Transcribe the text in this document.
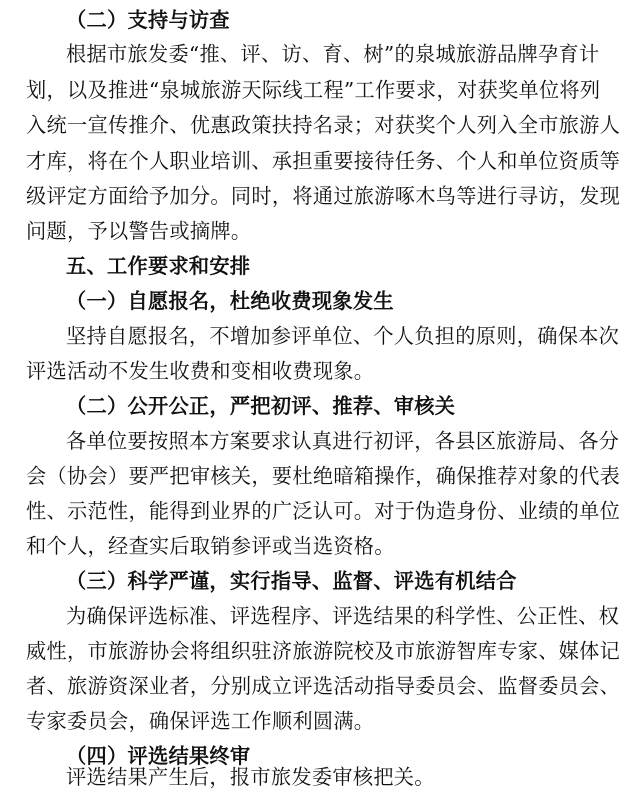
（二）支持与访查
根据市旅发委“推、评、访、育、树”的泉城旅游品牌孕育计
划，以及推进“泉城旅游天际线工程”工作要求，对获奖单位将列
入统一宣传推介、优惠政策扶持名录；对获奖个人列入全市旅游人
才库，将在个人职业培训、承担重要接待任务、个人和单位资质等
级评定方面给予加分。同时，将通过旅游啄木鸟等进行寻访，发现
问题，予以警告或摘牌。
五、工作要求和安排
（一）自愿报名，杜绝收费现象发生
坚持自愿报名，不增加参评单位、个人负担的原则，确保本次
评选活动不发生收费和变相收费现象。
（二）公开公正，严把初评、推荐、审核关
各单位要按照本方案要求认真进行初评，各县区旅游局、各分
会（协会）要严把审核关，要杜绝暗箱操作，确保推荐对象的代表
性、示范性，能得到业界的广泛认可。对于伪造身份、业绩的单位
和个人，经查实后取销参评或当选资格。
（三）科学严谨，实行指导、监督、评选有机结合
为确保评选标准、评选程序、评选结果的科学性、公正性、权
威性，市旅游协会将组织驻济旅游院校及市旅游智库专家、媒体记
者、旅游资深业者，分别成立评选活动指导委员会、监督委员会、
专家委员会，确保评选工作顺利圆满。
（四）评选结果终审
评选结果产生后，报市旅发委审核把关。
